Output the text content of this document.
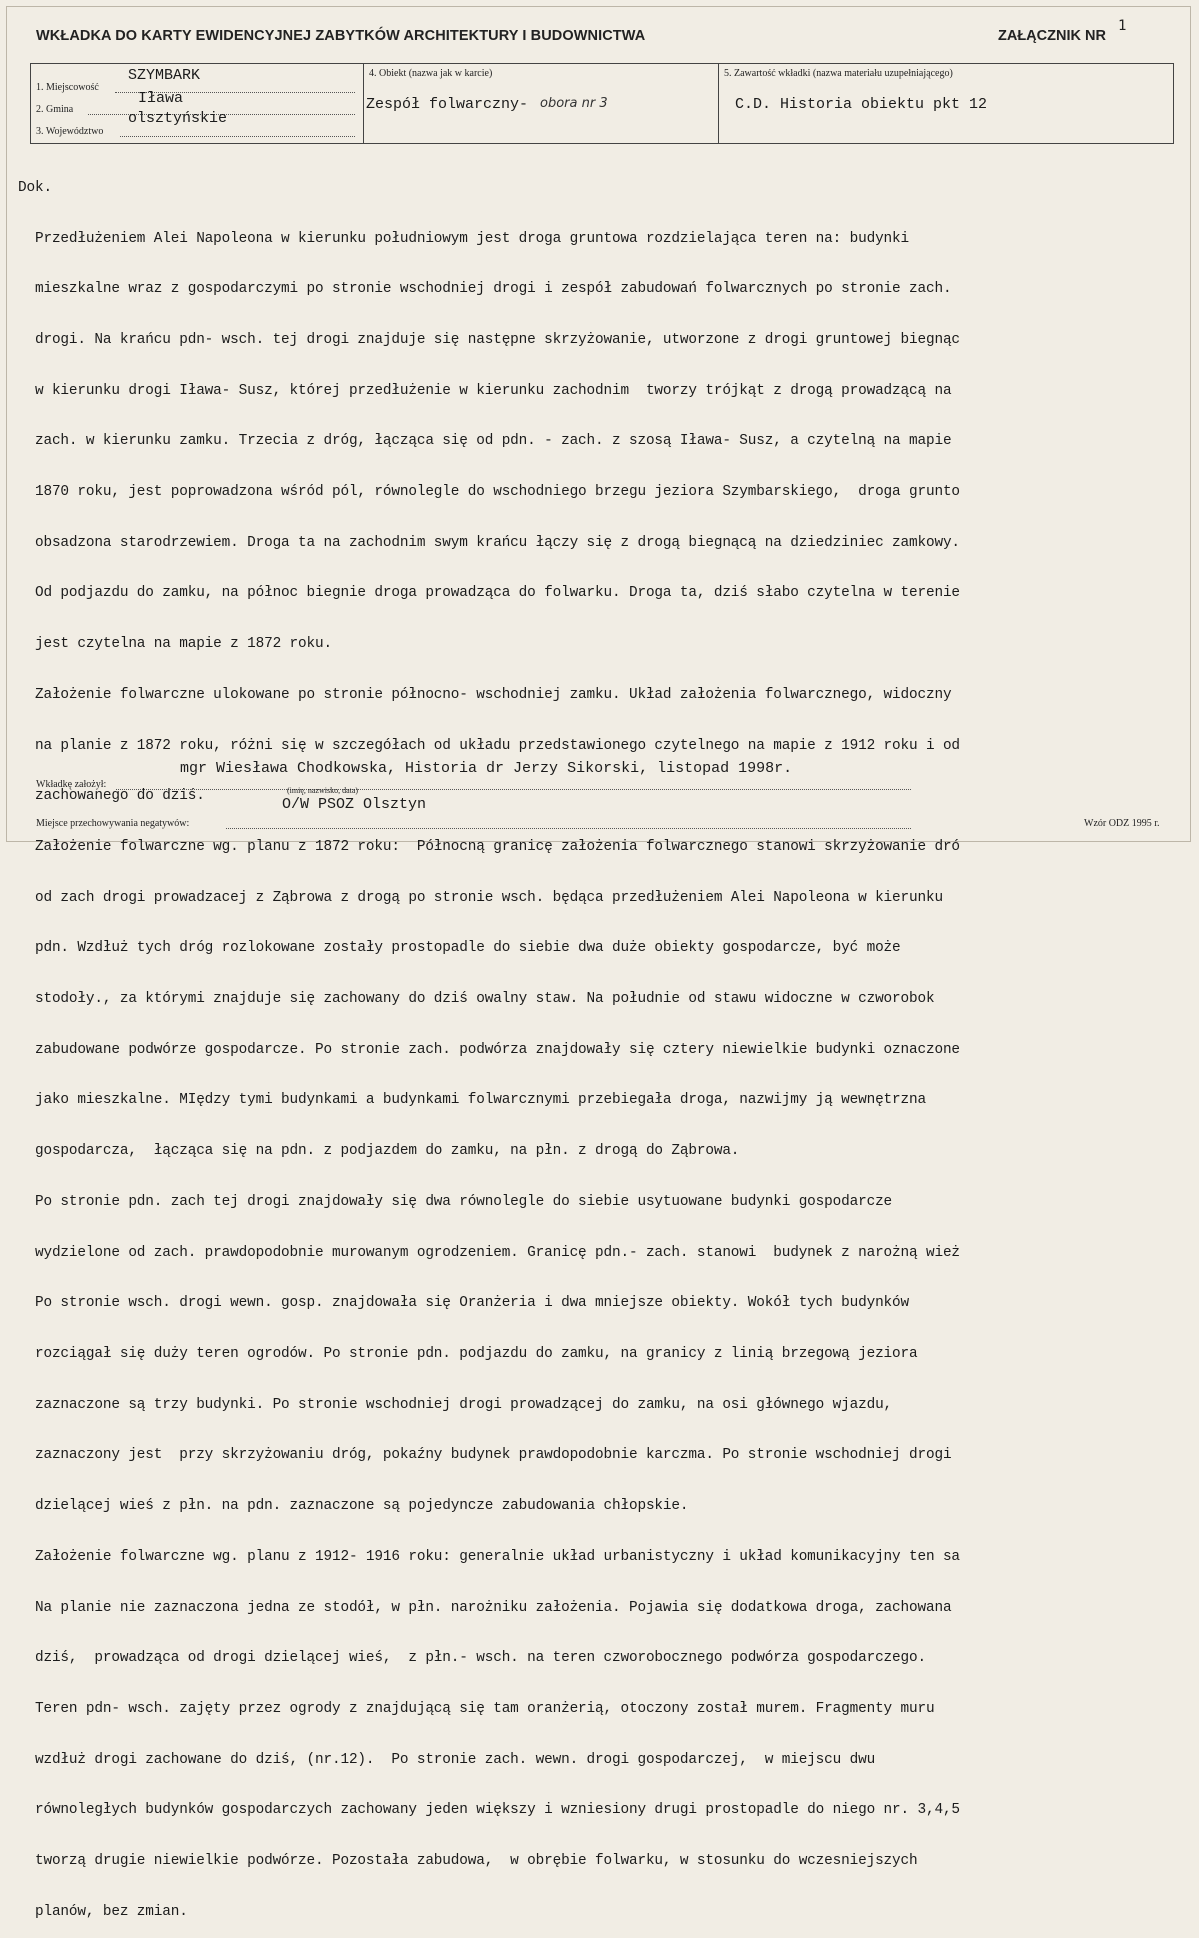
WKŁADKA DO KARTY EWIDENCYJNEJ ZABYTKÓW ARCHITEKTURY I BUDOWNICTWA	ZAŁĄCZNIK NR
1
1. Miejscowość
SZYMBARK
2. Gmina
Iława
3. Województwo
olsztyńskie
4. Obiekt (nazwa jak w karcie)
Zespół folwarczny- obora nr 3
5. Zawartość wkładki (nazwa materiału uzupełniającego)
C.D. Historia obiektu pkt 12

Dok.

Przedłużeniem Alei Napoleona w kierunku południowym jest droga gruntowa rozdzielająca teren na: budynki

mieszkalne wraz z gospodarczymi po stronie wschodniej drogi i zespół zabudowań folwarcznych po stronie zach.

drogi. Na krańcu pdn- wsch. tej drogi znajduje się następne skrzyżowanie, utworzone z drogi gruntowej biegnąc

w kierunku drogi Iława- Susz, której przedłużenie w kierunku zachodnim  tworzy trójkąt z drogą prowadzącą na

zach. w kierunku zamku. Trzecia z dróg, łącząca się od pdn. - zach. z szosą Iława- Susz, a czytelną na mapie

1870 roku, jest poprowadzona wśród pól, równolegle do wschodniego brzegu jeziora Szymbarskiego,  droga grunto

obsadzona starodrzewiem. Droga ta na zachodnim swym krańcu łączy się z drogą biegnącą na dziedziniec zamkowy.

Od podjazdu do zamku, na północ biegnie droga prowadząca do folwarku. Droga ta, dziś słabo czytelna w terenie

jest czytelna na mapie z 1872 roku.

Założenie folwarczne ulokowane po stronie północno- wschodniej zamku. Układ założenia folwarcznego, widoczny

na planie z 1872 roku, różni się w szczegółach od układu przedstawionego czytelnego na mapie z 1912 roku i od

zachowanego do dziś.

Założenie folwarczne wg. planu z 1872 roku:  Północną granicę założenia folwarcznego stanowi skrzyżowanie dró

od zach drogi prowadzacej z Ząbrowa z drogą po stronie wsch. będąca przedłużeniem Alei Napoleona w kierunku

pdn. Wzdłuż tych dróg rozlokowane zostały prostopadle do siebie dwa duże obiekty gospodarcze, być może

stodoły., za którymi znajduje się zachowany do dziś owalny staw. Na południe od stawu widoczne w czworobok

zabudowane podwórze gospodarcze. Po stronie zach. podwórza znajdowały się cztery niewielkie budynki oznaczone

jako mieszkalne. MIędzy tymi budynkami a budynkami folwarcznymi przebiegała droga, nazwijmy ją wewnętrzna

gospodarcza,  łącząca się na pdn. z podjazdem do zamku, na płn. z drogą do Ząbrowa.

Po stronie pdn. zach tej drogi znajdowały się dwa równolegle do siebie usytuowane budynki gospodarcze

wydzielone od zach. prawdopodobnie murowanym ogrodzeniem. Granicę pdn.- zach. stanowi  budynek z narożną wież

Po stronie wsch. drogi wewn. gosp. znajdowała się Oranżeria i dwa mniejsze obiekty. Wokół tych budynków

rozciągał się duży teren ogrodów. Po stronie pdn. podjazdu do zamku, na granicy z linią brzegową jeziora

zaznaczone są trzy budynki. Po stronie wschodniej drogi prowadzącej do zamku, na osi głównego wjazdu,

zaznaczony jest  przy skrzyżowaniu dróg, pokaźny budynek prawdopodobnie karczma. Po stronie wschodniej drogi

dzielącej wieś z płn. na pdn. zaznaczone są pojedyncze zabudowania chłopskie.

Założenie folwarczne wg. planu z 1912- 1916 roku: generalnie układ urbanistyczny i układ komunikacyjny ten sa

Na planie nie zaznaczona jedna ze stodół, w płn. narożniku założenia. Pojawia się dodatkowa droga, zachowana

dziś,  prowadząca od drogi dzielącej wieś,  z płn.- wsch. na teren czworobocznego podwórza gospodarczego.

Teren pdn- wsch. zajęty przez ogrody z znajdującą się tam oranżerią, otoczony został murem. Fragmenty muru

wzdłuż drogi zachowane do dziś, (nr.12).  Po stronie zach. wewn. drogi gospodarczej,  w miejscu dwu

równoległych budynków gospodarczych zachowany jeden większy i wzniesiony drugi prostopadle do niego nr. 3,4,5

tworzą drugie niewielkie podwórze. Pozostała zabudowa,  w obrębie folwarku, w stosunku do wczesniejszych

planów, bez zmian.

Wkładkę założył:
mgr Wiesława Chodkowska, Historia dr Jerzy Sikorski, listopad 1998r.
(imię, nazwisko, data)
O/W PSOZ Olsztyn
Miejsce przechowywania negatywów:	Wzór ODZ 1995 r.
